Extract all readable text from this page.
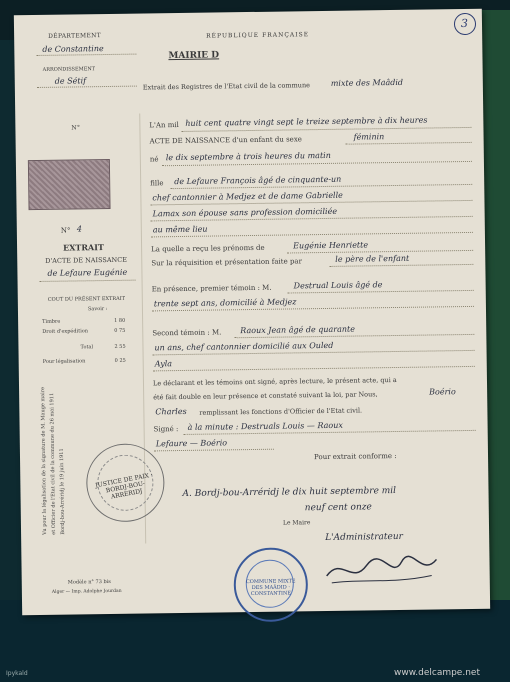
3
DÉPARTEMENT
de Constantine
ARRONDISSEMENT
de Sétif
N°
RÉPUBLIQUE FRANÇAISE
MAIRIE D
Extrait des Registres de l'Etat civil de la commune	mixte des Maâdid
N° 4
EXTRAIT
D'ACTE DE NAISSANCE
de Lefaure Eugénie
COUT DU PRÉSENT EXTRAIT
Savoir :
Timbre	1 80
Droit d'expédition	0 75
Total	2 55
Pour légalisation	0 25
Vu pour la légalisation de la signature de M. Mauge maire et Officier de l'Etat civil de la commune du 26 mai 1911 Bordj-bou-Arréridj le 19 juin 1911	JUSTICE DE PAIX · BORDJ-BOU-ARRERIDJ
Modèle n° 73 bis
Alger — Imp. Adolphe Jourdan
L'An mil huit cent quatre vingt sept le treize septembre à dix heures
ACTE DE NAISSANCE d'un enfant du sexe	féminin
né le dix septembre à trois heures du matin
fille de Lefaure François âgé de cinquante-un
chef cantonnier à Medjez et de dame Gabrielle
Lamax son épouse sans profession domiciliée
au même lieu
La quelle a reçu les prénoms de	Eugénie Henriette
Sur la réquisition et présentation faite par	le père de l'enfant
En présence, premier témoin : M.	Destrual Louis âgé de
trente sept ans, domicilié à Medjez
Second témoin : M. Raoux Jean âgé de quarante
un ans, chef cantonnier domicilié aux Ouled
Ayla
Le déclarant et les témoins ont signé, après lecture, le présent acte, qui a
été fait double en leur présence et constaté suivant la loi, par Nous,	Boério
Charles remplissant les fonctions d'Officier de l'Etat civil.
Signé : à la minute : Destruals Louis — Raoux
Lefaure — Boério
Pour extrait conforme :
A. Bordj-bou-Arréridj le dix huit septembre mil
neuf cent onze
Le Maire
L'Administrateur
COMMUNE MIXTE DES MAÂDID · CONSTANTINE
Ipykald	www.delcampe.net
